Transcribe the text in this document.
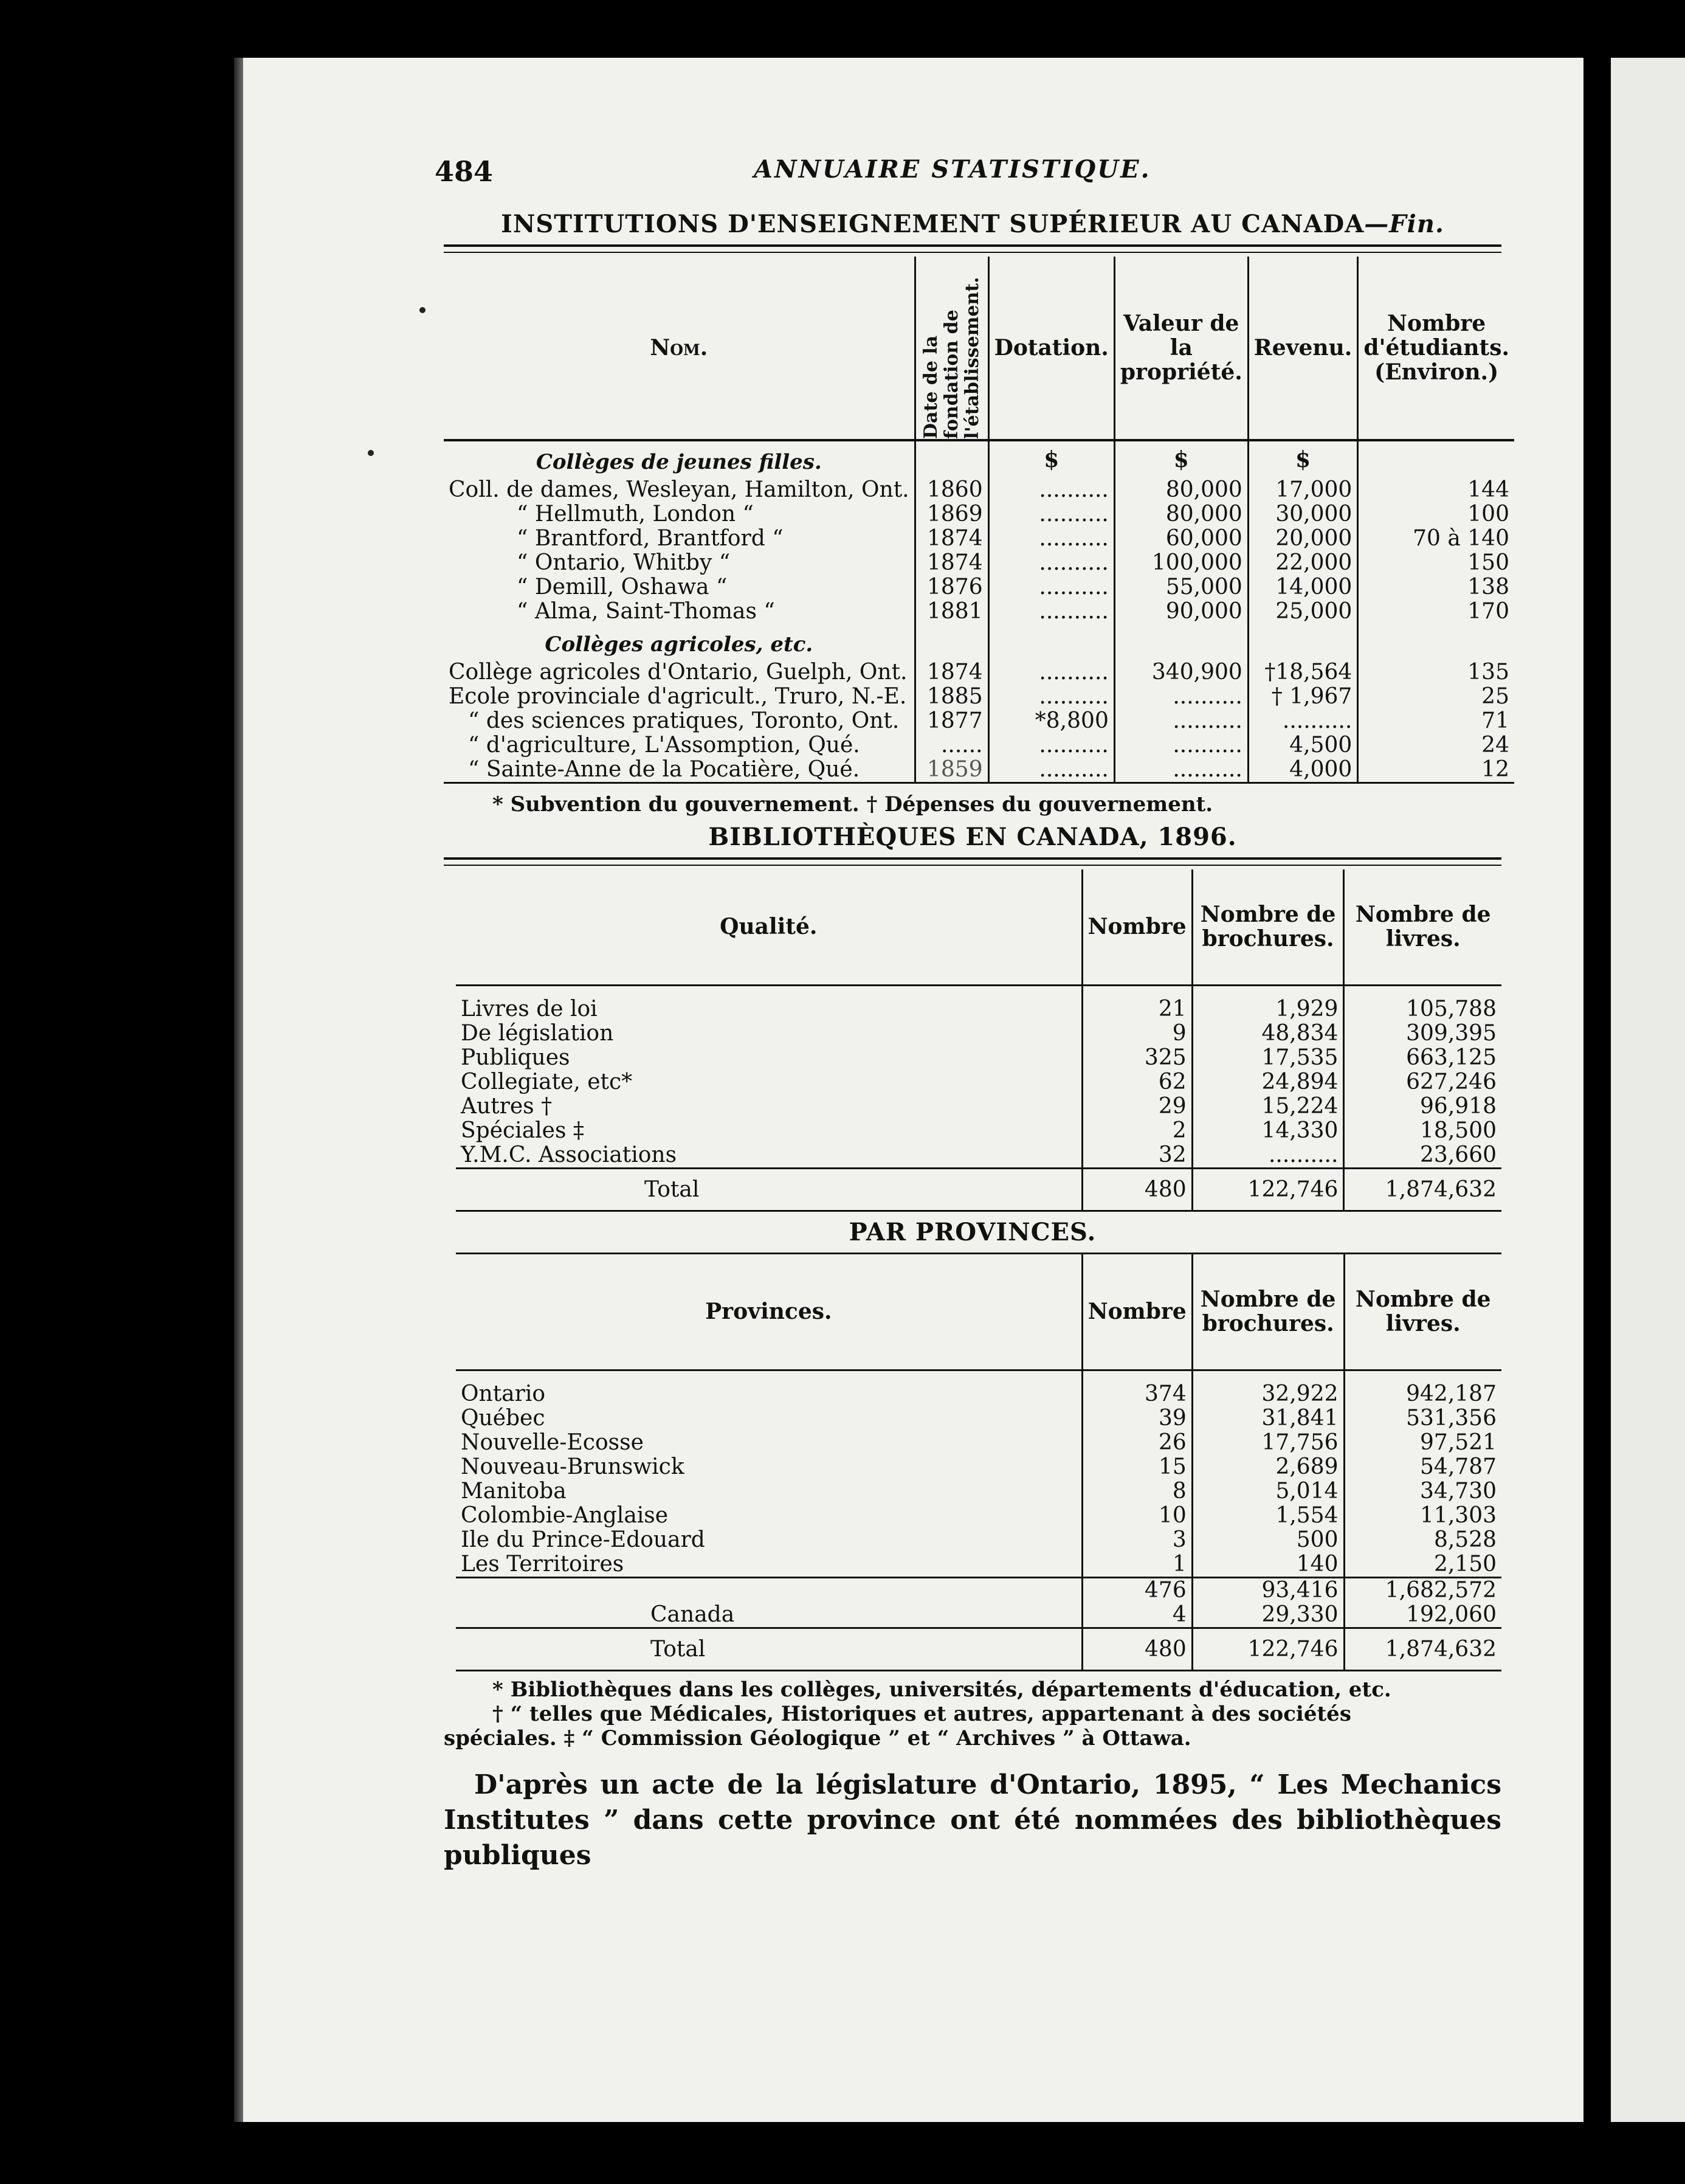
484	ANNUAIRE STATISTIQUE.
INSTITUTIONS D'ENSEIGNEMENT SUPÉRIEUR AU CANADA—Fin.
Nom.	Date de la fondation de l'établissement.	Dotation.	Valeur de la propriété.	Revenu.	Nombre d'étudiants. (Environ.)
Collèges de jeunes filles.		$	$	$	
Coll. de dames, Wesleyan, Hamilton, Ont.	1860	..........	80,000	17,000	144
“ Hellmuth, London “	1869	..........	80,000	30,000	100
“ Brantford, Brantford “	1874	..........	60,000	20,000	70 à 140
“ Ontario, Whitby “	1874	..........	100,000	22,000	150
“ Demill, Oshawa “	1876	..........	55,000	14,000	138
“ Alma, Saint-Thomas “	1881	..........	90,000	25,000	170
Collèges agricoles, etc.					
Collège agricoles d'Ontario, Guelph, Ont.	1874	..........	340,900	†18,564	135
Ecole provinciale d'agricult., Truro, N.-E.	1885	..........	..........	† 1,967	25
“ des sciences pratiques, Toronto, Ont.	1877	*8,800	..........	..........	71
“ d'agriculture, L'Assomption, Qué.	......	..........	..........	4,500	24
“ Sainte-Anne de la Pocatière, Qué.	1859	..........	..........	4,000	12
* Subvention du gouvernement. † Dépenses du gouvernement.
BIBLIOTHÈQUES EN CANADA, 1896.
Qualité.	Nombre	Nombre de brochures.	Nombre de livres.

Livres de loi	21	1,929	105,788
De législation	9	48,834	309,395
Publiques	325	17,535	663,125
Collegiate, etc*	62	24,894	627,246
Autres †	29	15,224	96,918
Spéciales ‡	2	14,330	18,500
Y.M.C. Associations	32	..........	23,660
Total	480	122,746	1,874,632
PAR PROVINCES.
Provinces.	Nombre	Nombre de brochures.	Nombre de livres.

Ontario	374	32,922	942,187
Québec	39	31,841	531,356
Nouvelle-Ecosse	26	17,756	97,521
Nouveau-Brunswick	15	2,689	54,787
Manitoba	8	5,014	34,730
Colombie-Anglaise	10	1,554	11,303
Ile du Prince-Edouard	3	500	8,528
Les Territoires	1	140	2,150
	476	93,416	1,682,572
Canada	4	29,330	192,060
Total	480	122,746	1,874,632
* Bibliothèques dans les collèges, universités, départements d'éducation, etc.
† “ telles que Médicales, Historiques et autres, appartenant à des sociétés
spéciales. ‡ “ Commission Géologique ” et “ Archives ” à Ottawa.
D'après un acte de la législature d'Ontario, 1895, “ Les Mechanics Institutes ” dans cette province ont été nommées des bibliothèques publiques
